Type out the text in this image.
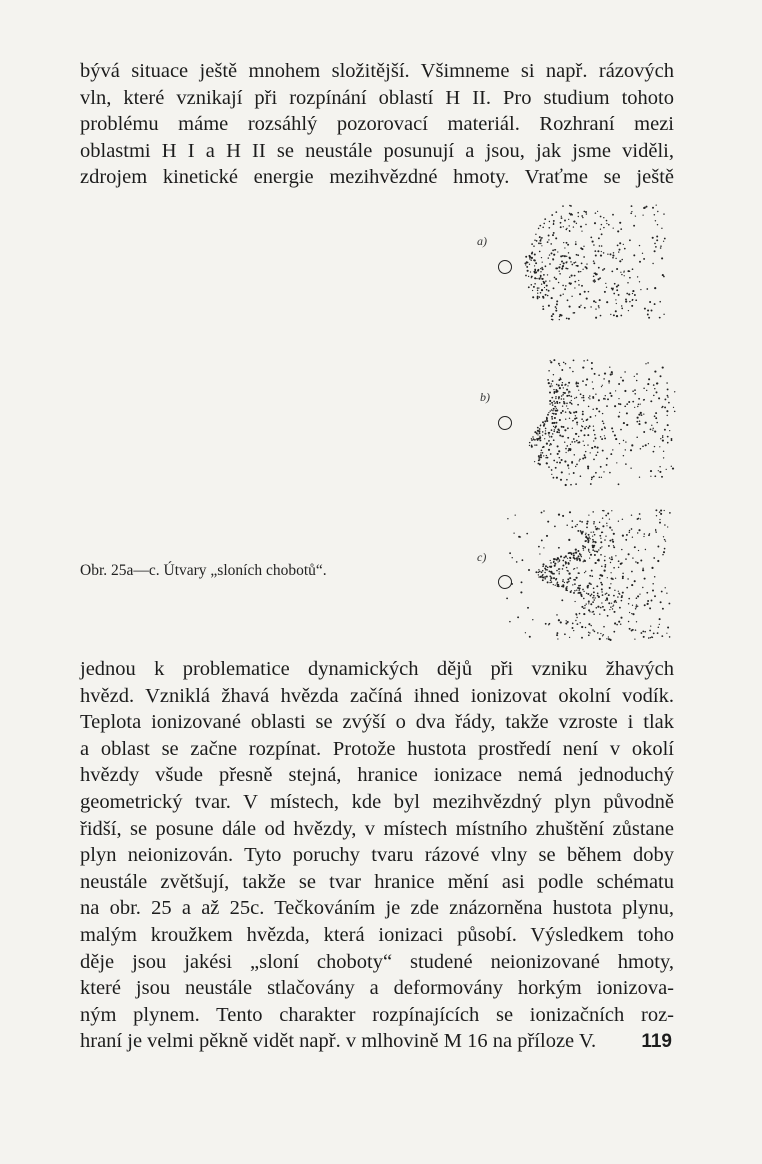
bývá situace ještě mnohem složitější. Všimneme si např. rázových
vln, které vznikají při rozpínání oblastí H II. Pro studium tohoto
problému máme rozsáhlý pozorovací materiál. Rozhraní mezi
oblastmi H I a H II se neustále posunují a jsou, jak jsme viděli,
zdrojem kinetické energie mezihvězdné hmoty. Vraťme se ještě
a)
b)
c)
Obr. 25a—c. Útvary „sloních chobotů“.
jednou k problematice dynamických dějů při vzniku žhavých
hvězd. Vzniklá žhavá hvězda začíná ihned ionizovat okolní vodík.
Teplota ionizované oblasti se zvýší o dva řády, takže vzroste i tlak
a oblast se začne rozpínat. Protože hustota prostředí není v okolí
hvězdy všude přesně stejná, hranice ionizace nemá jednoduchý
geometrický tvar. V místech, kde byl mezihvězdný plyn původně
řidší, se posune dále od hvězdy, v místech místního zhuštění zůstane
plyn neionizován. Tyto poruchy tvaru rázové vlny se během doby
neustále zvětšují, takže se tvar hranice mění asi podle schématu
na obr. 25 a až 25c. Tečkováním je zde znázorněna hustota plynu,
malým kroužkem hvězda, která ionizaci působí. Výsledkem toho
děje jsou jakési „sloní choboty“ studené neionizované hmoty,
které jsou neustále stlačovány a deformovány horkým ionizova-
ným plynem. Tento charakter rozpínajících se ionizačních roz-
hraní je velmi pěkně vidět např. v mlhovině M 16 na příloze V.	119
